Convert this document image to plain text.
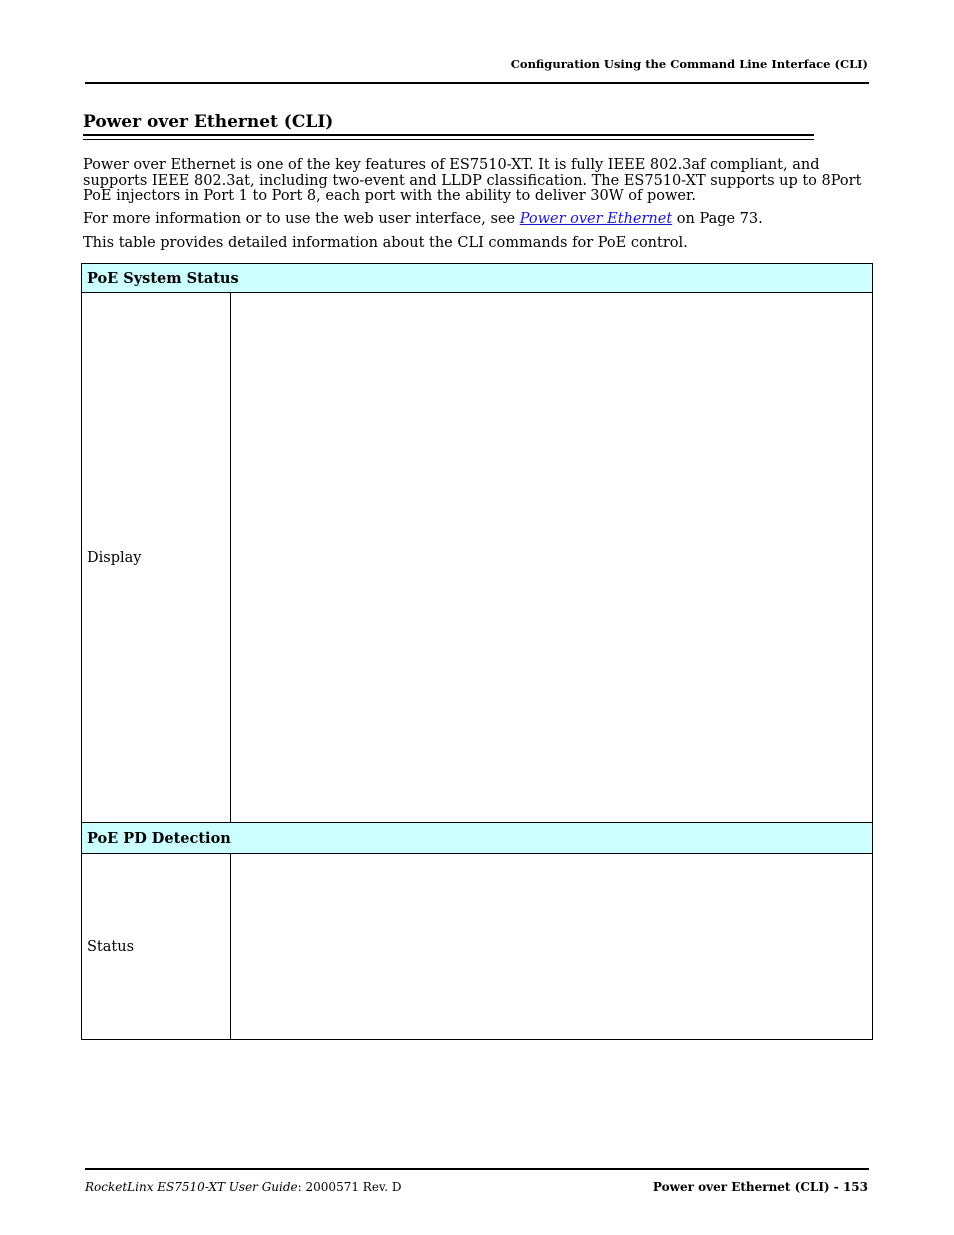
Configuration Using the Command Line Interface (CLI)
Power over Ethernet (CLI)

Power over Ethernet is one of the key features of ES7510-XT. It is fully IEEE 802.3af compliant, and supports IEEE 802.3at, including two-event and LLDP classification. The ES7510-XT supports up to 8Port PoE injectors in Port 1 to Port 8, each port with the ability to deliver 30W of power.

For more information or to use the web user interface, see Power over Ethernet on Page 73.

This table provides detailed information about the CLI commands for PoE control.

PoE System Status	
Display	
PoE PD Detection	
Status	
RocketLinx ES7510-XT User Guide: 2000571 Rev. D	Power over Ethernet (CLI) - 153
